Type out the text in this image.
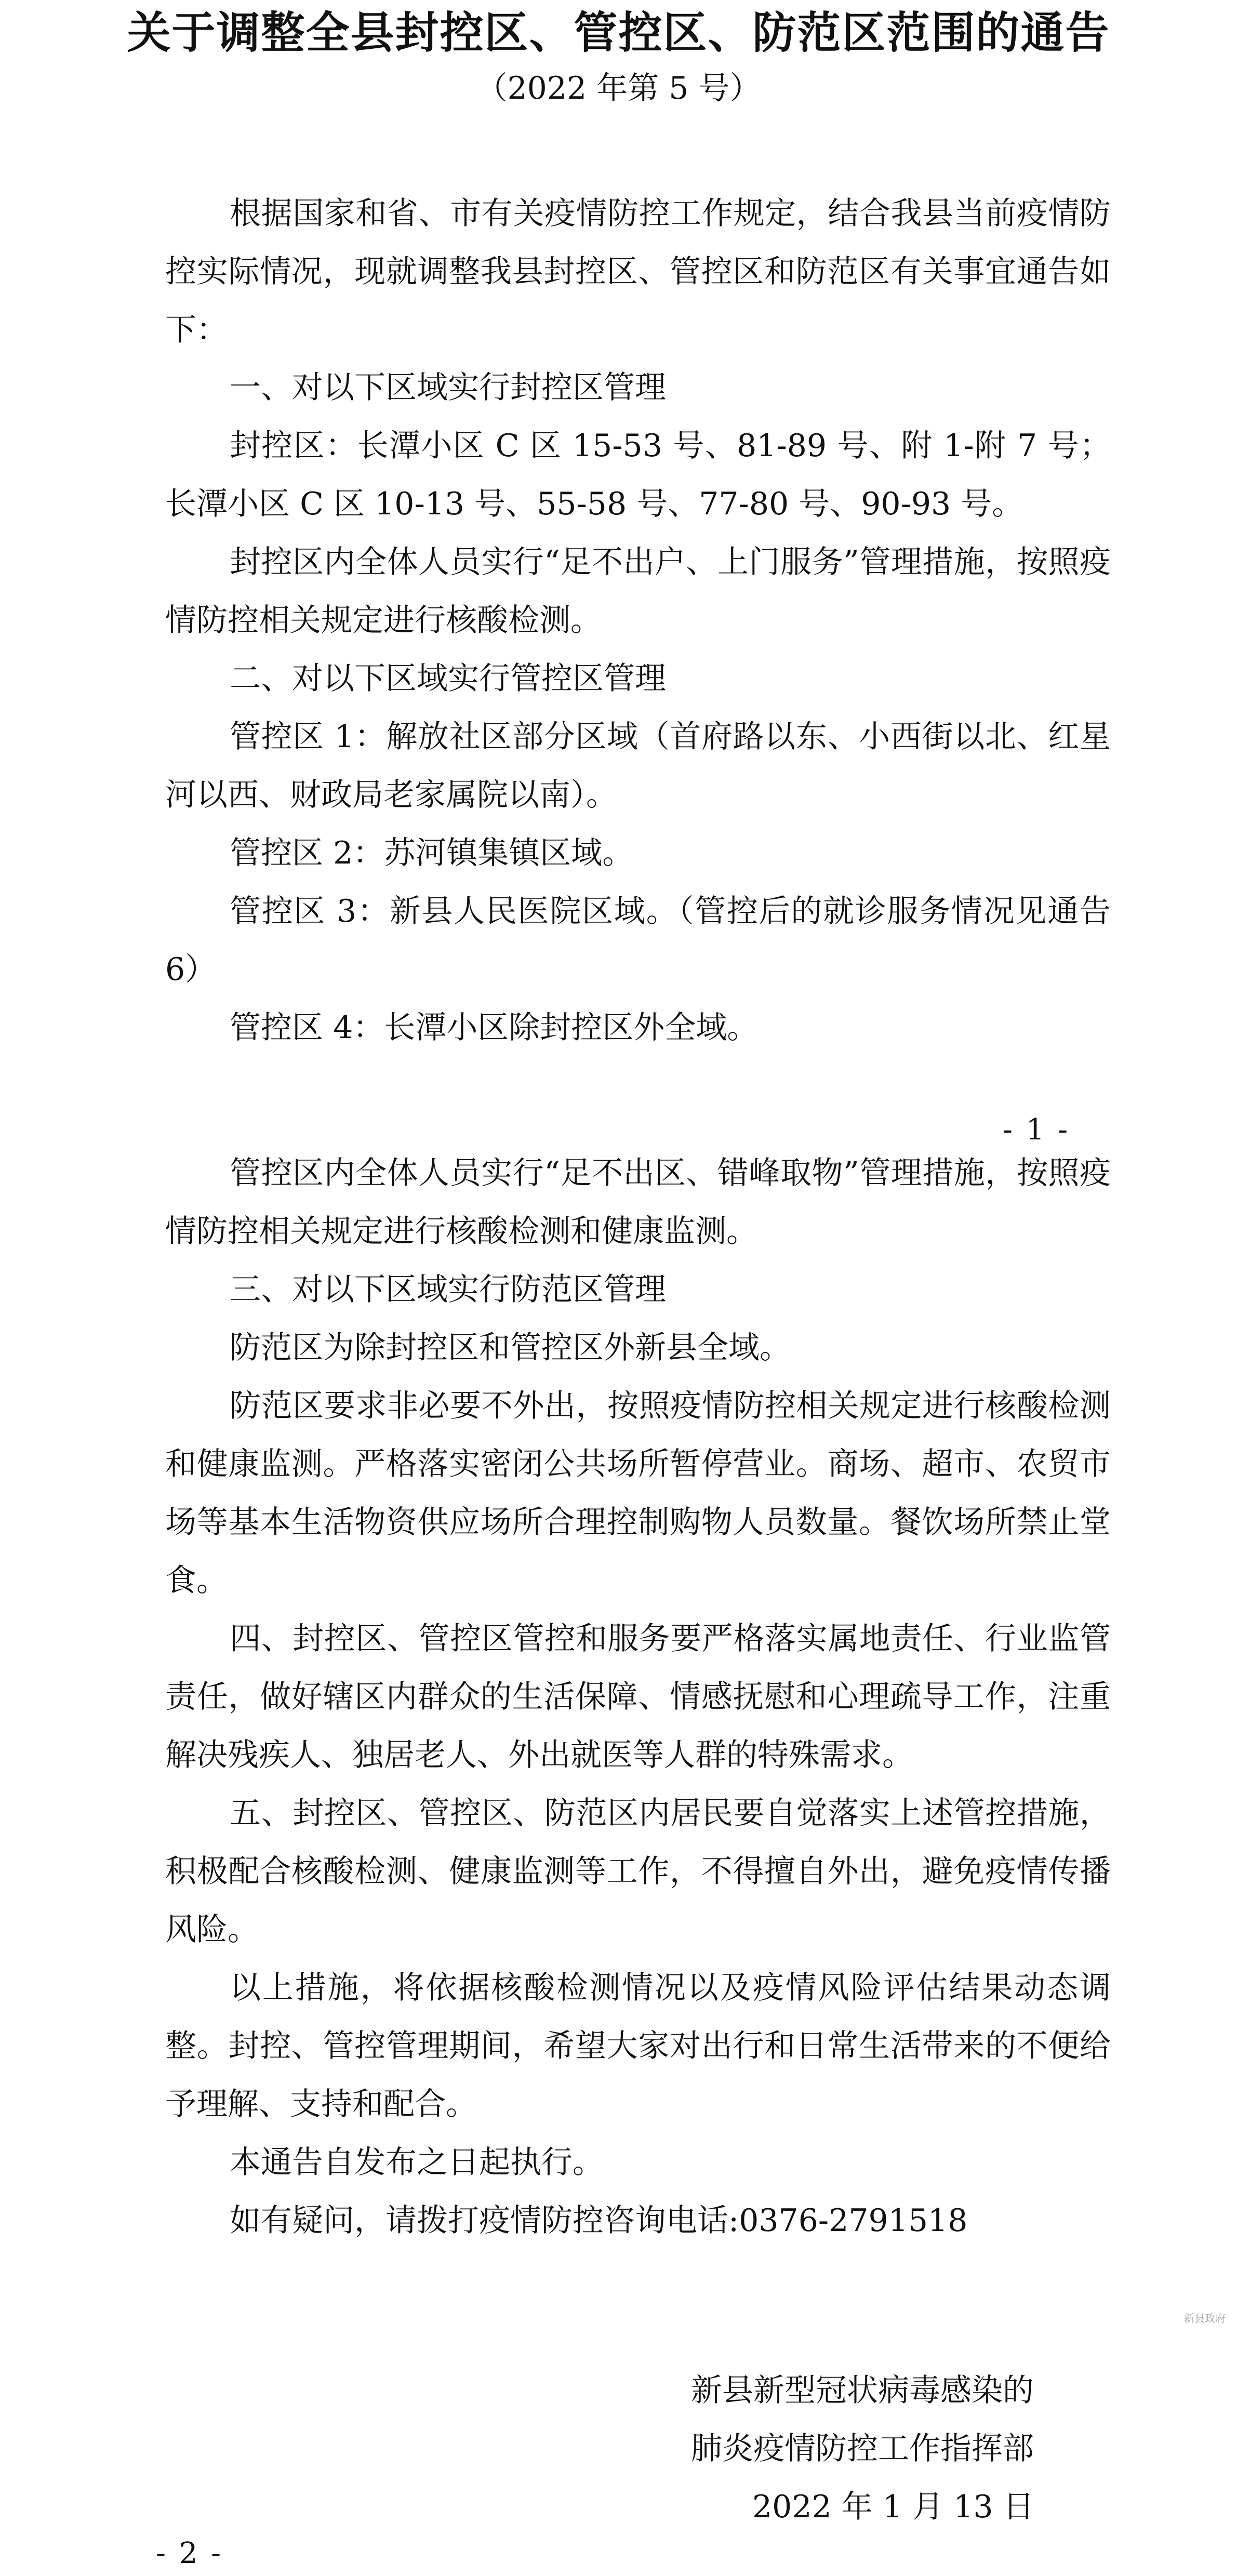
关于调整全县封控区、管控区、防范区范围的通告
（2022 年第 5 号）

根据国家和省、市有关疫情防控工作规定，结合我县当前疫情防控实际情况，现就调整我县封控区、管控区和防范区有关事宜通告如下：

一、对以下区域实行封控区管理

封控区：长潭小区 C 区 15-53 号、81-89 号、附 1-附 7 号；长潭小区 C 区 10-13 号、55-58 号、77-80 号、90-93 号。

封控区内全体人员实行“足不出户、上门服务”管理措施，按照疫情防控相关规定进行核酸检测。

二、对以下区域实行管控区管理

管控区 1：解放社区部分区域（首府路以东、小西街以北、红星河以西、财政局老家属院以南）。

管控区 2：苏河镇集镇区域。

管控区 3：新县人民医院区域。（管控后的就诊服务情况见通告 6）

管控区 4：长潭小区除封控区外全域。
- 1 -

管控区内全体人员实行“足不出区、错峰取物”管理措施，按照疫情防控相关规定进行核酸检测和健康监测。

三、对以下区域实行防范区管理
防范区为除封控区和管控区外新县全域。

防范区要求非必要不外出，按照疫情防控相关规定进行核酸检测和健康监测。严格落实密闭公共场所暂停营业。商场、超市、农贸市场等基本生活物资供应场所合理控制购物人员数量。餐饮场所禁止堂食。

四、封控区、管控区管控和服务要严格落实属地责任、行业监管责任，做好辖区内群众的生活保障、情感抚慰和心理疏导工作，注重解决残疾人、独居老人、外出就医等人群的特殊需求。

五、封控区、管控区、防范区内居民要自觉落实上述管控措施，积极配合核酸检测、健康监测等工作，不得擅自外出，避免疫情传播风险。

以上措施，将依据核酸检测情况以及疫情风险评估结果动态调整。封控、管控管理期间，希望大家对出行和日常生活带来的不便给予理解、支持和配合。

本通告自发布之日起执行。
如有疑问，请拨打疫情防控咨询电话:0376-2791518
新县新型冠状病毒感染的
肺炎疫情防控工作指挥部
2022 年 1 月 13 日
- 2 -
新县政府
